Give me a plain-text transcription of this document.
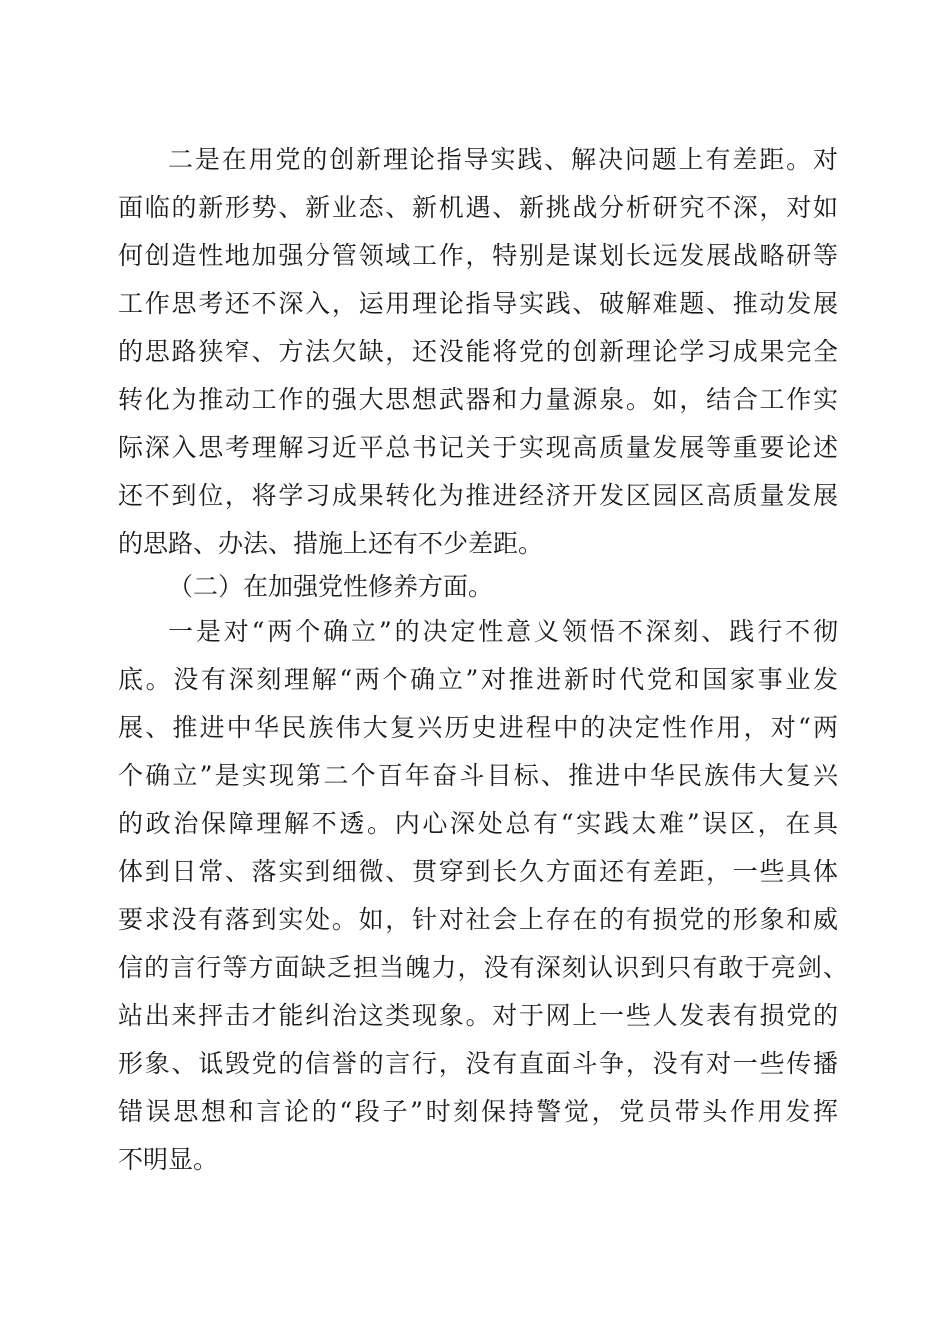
二是在用党的创新理论指导实践、解决问题上有差距。对
面临的新形势、新业态、新机遇、新挑战分析研究不深，对如
何创造性地加强分管领域工作，特别是谋划长远发展战略研等
工作思考还不深入，运用理论指导实践、破解难题、推动发展
的思路狭窄、方法欠缺，还没能将党的创新理论学习成果完全
转化为推动工作的强大思想武器和力量源泉。如，结合工作实
际深入思考理解习近平总书记关于实现高质量发展等重要论述
还不到位，将学习成果转化为推进经济开发区园区高质量发展
的思路、办法、措施上还有不少差距。
（二）在加强党性修养方面。
一是对“两个确立”的决定性意义领悟不深刻、践行不彻
底。没有深刻理解“两个确立”对推进新时代党和国家事业发
展、推进中华民族伟大复兴历史进程中的决定性作用，对“两
个确立”是实现第二个百年奋斗目标、推进中华民族伟大复兴
的政治保障理解不透。内心深处总有“实践太难”误区，在具
体到日常、落实到细微、贯穿到长久方面还有差距，一些具体
要求没有落到实处。如，针对社会上存在的有损党的形象和威
信的言行等方面缺乏担当魄力，没有深刻认识到只有敢于亮剑、
站出来抨击才能纠治这类现象。对于网上一些人发表有损党的
形象、诋毁党的信誉的言行，没有直面斗争，没有对一些传播
错误思想和言论的“段子”时刻保持警觉，党员带头作用发挥
不明显。
